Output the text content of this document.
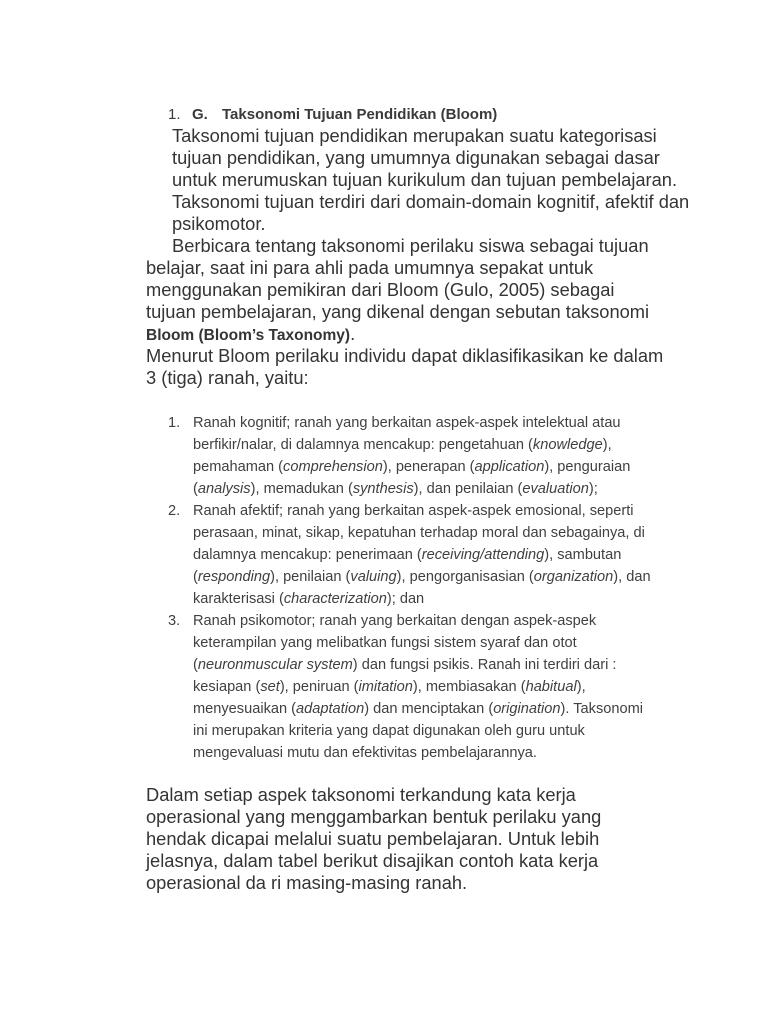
1. G. Taksonomi Tujuan Pendidikan (Bloom)

Taksonomi tujuan pendidikan merupakan suatu kategorisasi tujuan pendidikan, yang umumnya digunakan sebagai dasar untuk merumuskan tujuan kurikulum dan tujuan pembelajaran. Taksonomi tujuan terdiri dari domain-domain kognitif, afektif dan psikomotor.

Berbicara tentang taksonomi perilaku siswa sebagai tujuan belajar, saat ini para ahli pada umumnya sepakat untuk menggunakan pemikiran dari Bloom (Gulo, 2005) sebagai tujuan pembelajaran, yang dikenal dengan sebutan taksonomi Bloom (Bloom’s Taxonomy).

Menurut Bloom perilaku individu dapat diklasifikasikan ke dalam 3 (tiga) ranah, yaitu:

1. Ranah kognitif; ranah yang berkaitan aspek-aspek intelektual atau berfikir/nalar, di dalamnya mencakup: pengetahuan (knowledge), pemahaman (comprehension), penerapan (application), penguraian (analysis), memadukan (synthesis), dan penilaian (evaluation);
2. Ranah afektif; ranah yang berkaitan aspek-aspek emosional, seperti perasaan, minat, sikap, kepatuhan terhadap moral dan sebagainya, di dalamnya mencakup: penerimaan (receiving/attending), sambutan (responding), penilaian (valuing), pengorganisasian (organization), dan karakterisasi (characterization); dan
3. Ranah psikomotor; ranah yang berkaitan dengan aspek-aspek keterampilan yang melibatkan fungsi sistem syaraf dan otot (neuronmuscular system) dan fungsi psikis. Ranah ini terdiri dari : kesiapan (set), peniruan (imitation), membiasakan (habitual), menyesuaikan (adaptation) dan menciptakan (origination). Taksonomi ini merupakan kriteria yang dapat digunakan oleh guru untuk mengevaluasi mutu dan efektivitas pembelajarannya.

Dalam setiap aspek taksonomi terkandung kata kerja operasional yang menggambarkan bentuk perilaku yang hendak dicapai melalui suatu pembelajaran. Untuk lebih jelasnya, dalam tabel berikut disajikan contoh kata kerja operasional da ri masing-masing ranah.
